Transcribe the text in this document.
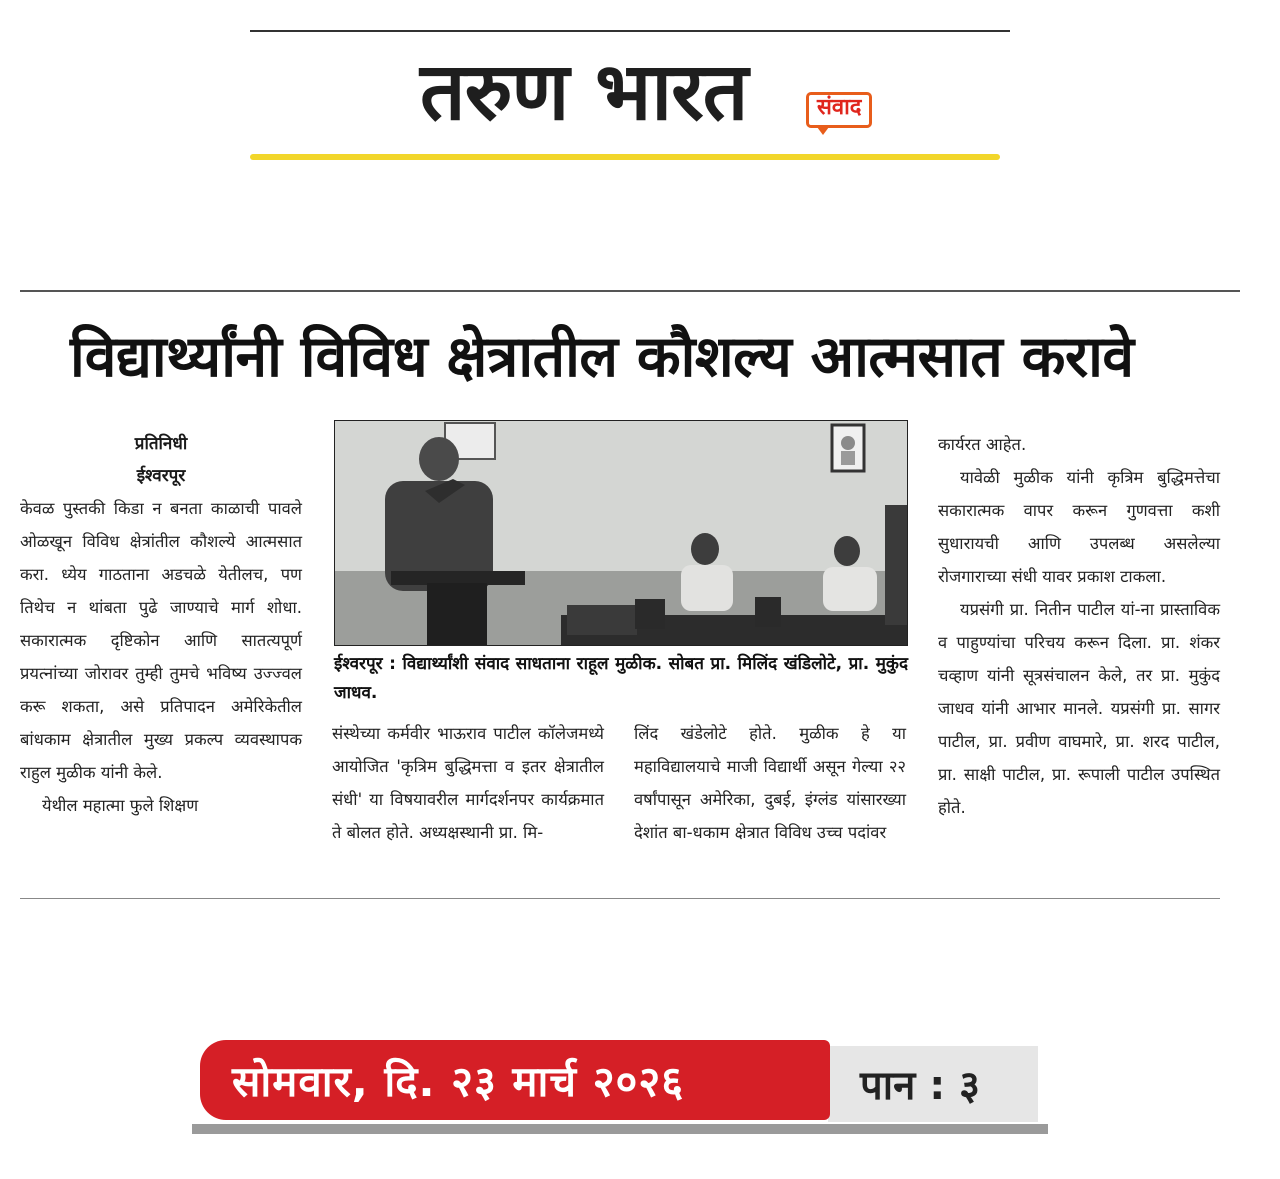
तरुण भारत	संवाद
विद्यार्थ्यांनी विविध क्षेत्रातील कौशल्य आत्मसात करावे
प्रतिनिधी
ईश्वरपूर

केवळ पुस्तकी किडा न बनता काळाची पावले ओळखून विविध क्षेत्रांतील कौशल्ये आत्मसात करा. ध्येय गाठताना अडचळे येतीलच, पण तिथेच न थांबता पुढे जाण्याचे मार्ग शोधा. सकारात्मक दृष्टिकोन आणि सातत्यपूर्ण प्रयत्नांच्या जोरावर तुम्ही तुमचे भविष्य उज्ज्वल करू शकता, असे प्रतिपादन अमेरिकेतील बांधकाम क्षेत्रातील मुख्य प्रकल्प व्यवस्थापक राहुल मुळीक यांनी केले.

येथील महात्मा फुले शिक्षण

ईश्वरपूर : विद्यार्थ्यांशी संवाद साधताना राहूल मुळीक. सोबत प्रा. मिलिंद खंडिलोटे, प्रा. मुकुंद जाधव.

संस्थेच्या कर्मवीर भाऊराव पाटील कॉलेजमध्ये आयोजित 'कृत्रिम बुद्धिमत्ता व इतर क्षेत्रातील संधी' या विषयावरील मार्गदर्शनपर कार्यक्रमात ते बोलत होते. अध्यक्षस्थानी प्रा. मि-

लिंद खंडेलोटे होते. मुळीक हे या महाविद्यालयाचे माजी विद्यार्थी असून गेल्या २२ वर्षांपासून अमेरिका, दुबई, इंग्लंड यांसारख्या देशांत बा-धकाम क्षेत्रात विविध उच्च पदांवर

कार्यरत आहेत.

यावेळी मुळीक यांनी कृत्रिम बुद्धिमत्तेचा सकारात्मक वापर करून गुणवत्ता कशी सुधारायची आणि उपलब्ध असलेल्या रोजगाराच्या संधी यावर प्रकाश टाकला.

यप्रसंगी प्रा. नितीन पाटील यां-ना प्रास्ताविक व पाहुण्यांचा परिचय करून दिला. प्रा. शंकर चव्हाण यांनी सूत्रसंचालन केले, तर प्रा. मुकुंद जाधव यांनी आभार मानले. यप्रसंगी प्रा. सागर पाटील, प्रा. प्रवीण वाघमारे, प्रा. शरद पाटील, प्रा. साक्षी पाटील, प्रा. रूपाली पाटील उपस्थित होते.

सोमवार, दि. २३ मार्च २०२६	पान : ३
